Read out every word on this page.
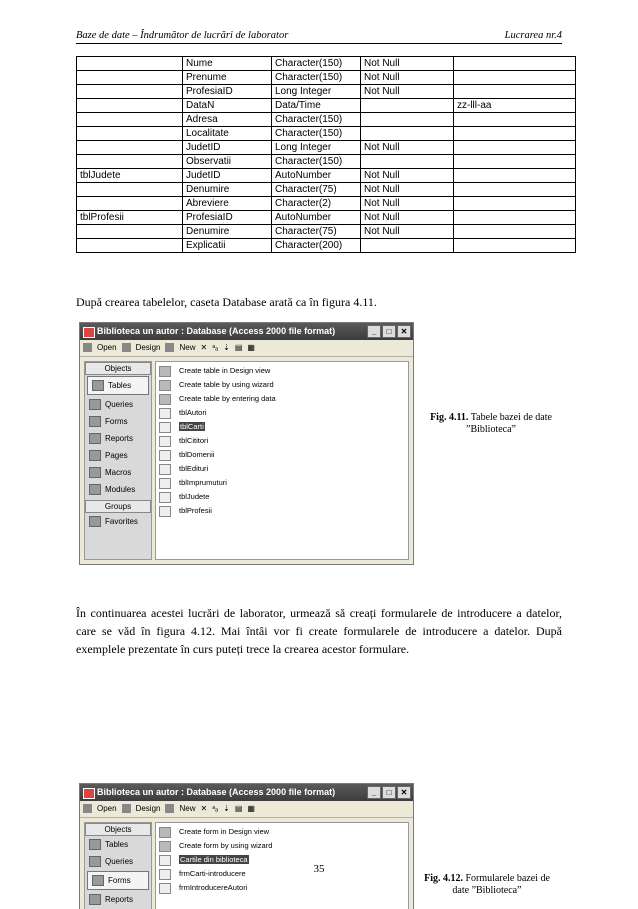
Baze de date – Îndrumător de lucrări de laborator	Lucrarea nr.4
	Nume	Character(150)	Not Null	
	Prenume	Character(150)	Not Null	
	ProfesiaID	Long Integer	Not Null	
	DataN	Data/Time		zz-lll-aa
	Adresa	Character(150)		
	Localitate	Character(150)		
	JudetID	Long Integer	Not Null	
	Observatii	Character(150)		
tblJudete	JudetID	AutoNumber	Not Null	
	Denumire	Character(75)	Not Null	
	Abreviere	Character(2)	Not Null	
tblProfesii	ProfesiaID	AutoNumber	Not Null	
	Denumire	Character(75)	Not Null	
	Explicatii	Character(200)		
După crearea tabelelor, caseta Database arată ca în figura 4.11.
Biblioteca un autor : Database (Access 2000 file format)	_ □ ✕
Open Design New ✕ ᵃₐ ⇣ ▤ ▦
Objects
Tables
Queries
Forms
Reports
Pages
Macros
Modules
Groups
Favorites
Create table in Design view
Create table by using wizard
Create table by entering data
tblAutori
tblCarti
tblCititori
tblDomenii
tblEdituri
tblImprumuturi
tblJudete
tblProfesii
Fig. 4.11. Tabele bazei de date ”Biblioteca”
În continuarea acestei lucrări de laborator, urmează să creați formularele de introducere a datelor, care se văd în figura 4.12. Mai întâi vor fi create formularele de introducere a datelor. După exemplele prezentate în curs puteți trece la crearea acestor formulare.
Biblioteca un autor : Database (Access 2000 file format)	_ □ ✕
Open Design New ✕ ᵃₐ ⇣ ▤ ▦
Objects
Tables
Queries
Forms
Reports
Create form in Design view
Create form by using wizard
Cartile din biblioteca
frmCarti-introducere
frmIntroducereAutori
35
Fig. 4.12. Formularele bazei de date ”Biblioteca”
